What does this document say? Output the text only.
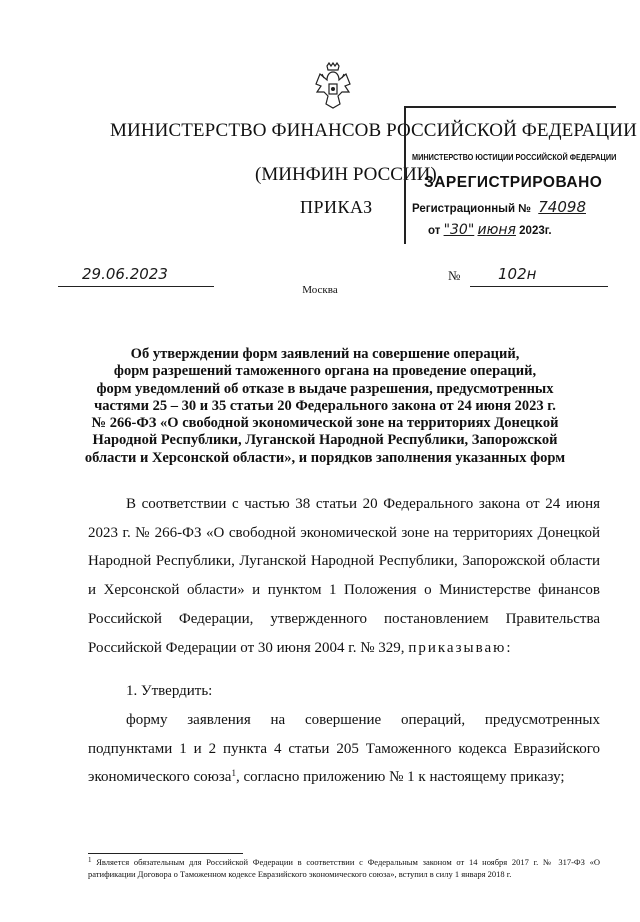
МИНИСТЕРСТВО ФИНАНСОВ РОССИЙСКОЙ ФЕДЕРАЦИИ
(МИНФИН РОССИИ)
ПРИКАЗ
МИНИСТЕРСТВО ЮСТИЦИИ РОССИЙСКОЙ ФЕДЕРАЦИИ
ЗАРЕГИСТРИРОВАНО
Регистрационный № 74098
от "30" июня 2023г.
29.06.2023	№	102н
Москва
Об утверждении форм заявлений на совершение операций,
форм разрешений таможенного органа на проведение операций,
форм уведомлений об отказе в выдаче разрешения, предусмотренных
частями 25 – 30 и 35 статьи 20 Федерального закона от 24 июня 2023 г.
№ 266-ФЗ «О свободной экономической зоне на территориях Донецкой
Народной Республики, Луганской Народной Республики, Запорожской
области и Херсонской области», и порядков заполнения указанных форм
В соответствии с частью 38 статьи 20 Федерального закона от 24 июня 2023 г. № 266-ФЗ «О свободной экономической зоне на территориях Донецкой Народной Республики, Луганской Народной Республики, Запорожской области и Херсонской области» и пунктом 1 Положения о Министерстве финансов Российской Федерации, утвержденного постановлением Правительства Российской Федерации от 30 июня 2004 г. № 329, приказываю:
1. Утвердить:
форму заявления на совершение операций, предусмотренных подпунктами 1 и 2 пункта 4 статьи 205 Таможенного кодекса Евразийского экономического союза$^1$, согласно приложению № 1 к настоящему приказу;
$^1$ Является обязательным для Российской Федерации в соответствии с Федеральным законом от 14 ноября 2017 г. № 317-ФЗ «О ратификации Договора о Таможенном кодексе Евразийского экономического союза», вступил в силу 1 января 2018 г.
